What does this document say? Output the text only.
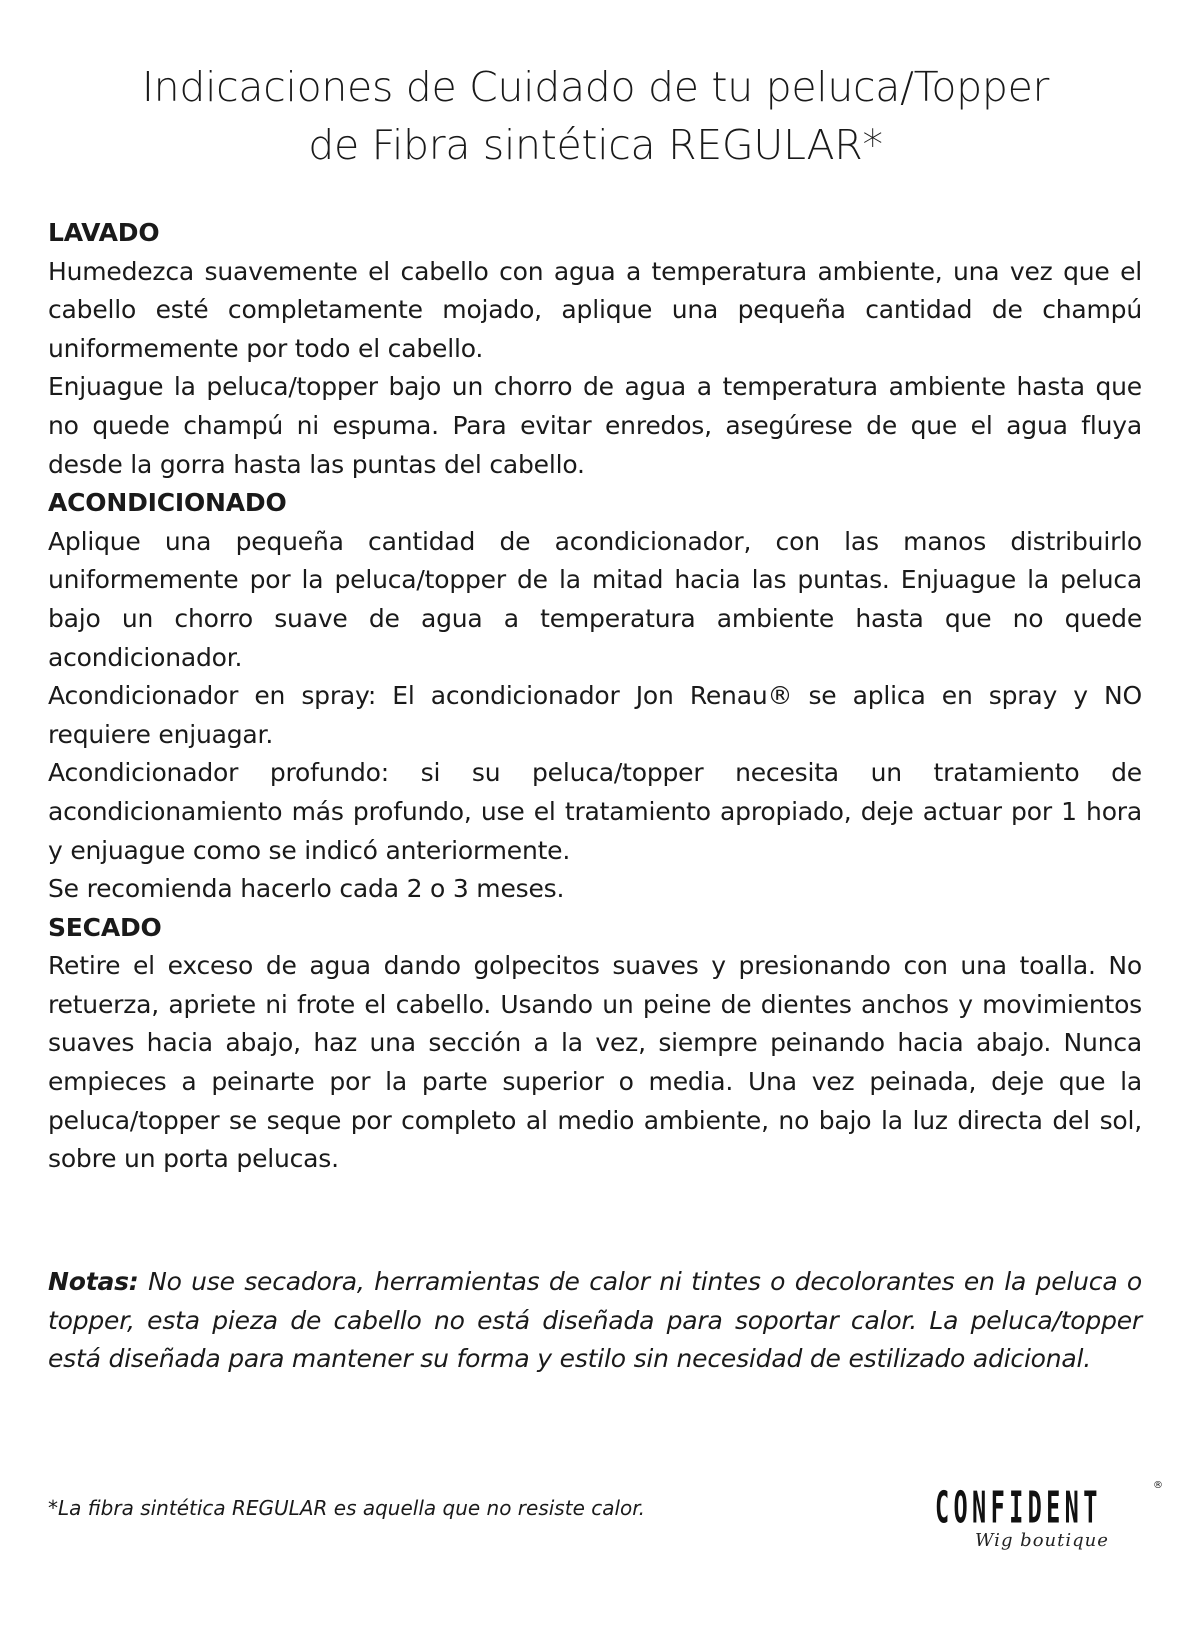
Indicaciones de Cuidado de tu peluca/Topper
de Fibra sintética REGULAR*
LAVADO

Humedezca suavemente el cabello con agua a temperatura ambiente, una vez que el cabello esté completamente mojado, aplique una pequeña cantidad de champú uniformemente por todo el cabello.

Enjuague la peluca/topper bajo un chorro de agua a temperatura ambiente hasta que no quede champú ni espuma. Para evitar enredos, asegúrese de que el agua fluya desde la gorra hasta las puntas del cabello.

ACONDICIONADO

Aplique una pequeña cantidad de acondicionador, con las manos distribuirlo uniformemente por la peluca/topper de la mitad hacia las puntas. Enjuague la peluca bajo un chorro suave de agua a temperatura ambiente hasta que no quede acondicionador.

Acondicionador en spray: El acondicionador Jon Renau® se aplica en spray y NO requiere enjuagar.

Acondicionador profundo: si su peluca/topper necesita un tratamiento de acondicionamiento más profundo, use el tratamiento apropiado, deje actuar por 1 hora y enjuague como se indicó anteriormente.

Se recomienda hacerlo cada 2 o 3 meses.

SECADO

Retire el exceso de agua dando golpecitos suaves y presionando con una toalla. No retuerza, apriete ni frote el cabello. Usando un peine de dientes anchos y movimientos suaves hacia abajo, haz una sección a la vez, siempre peinando hacia abajo. Nunca empieces a peinarte por la parte superior o media. Una vez peinada, deje que la peluca/topper se seque por completo al medio ambiente, no bajo la luz directa del sol, sobre un porta pelucas.

Notas: No use secadora, herramientas de calor ni tintes o decolorantes en la peluca o topper, esta pieza de cabello no está diseñada para soportar calor. La peluca/topper está diseñada para mantener su forma y estilo sin necesidad de estilizado adicional.
*La fibra sintética REGULAR es aquella que no resiste calor.	CONFIDENT	®
Wig boutique
